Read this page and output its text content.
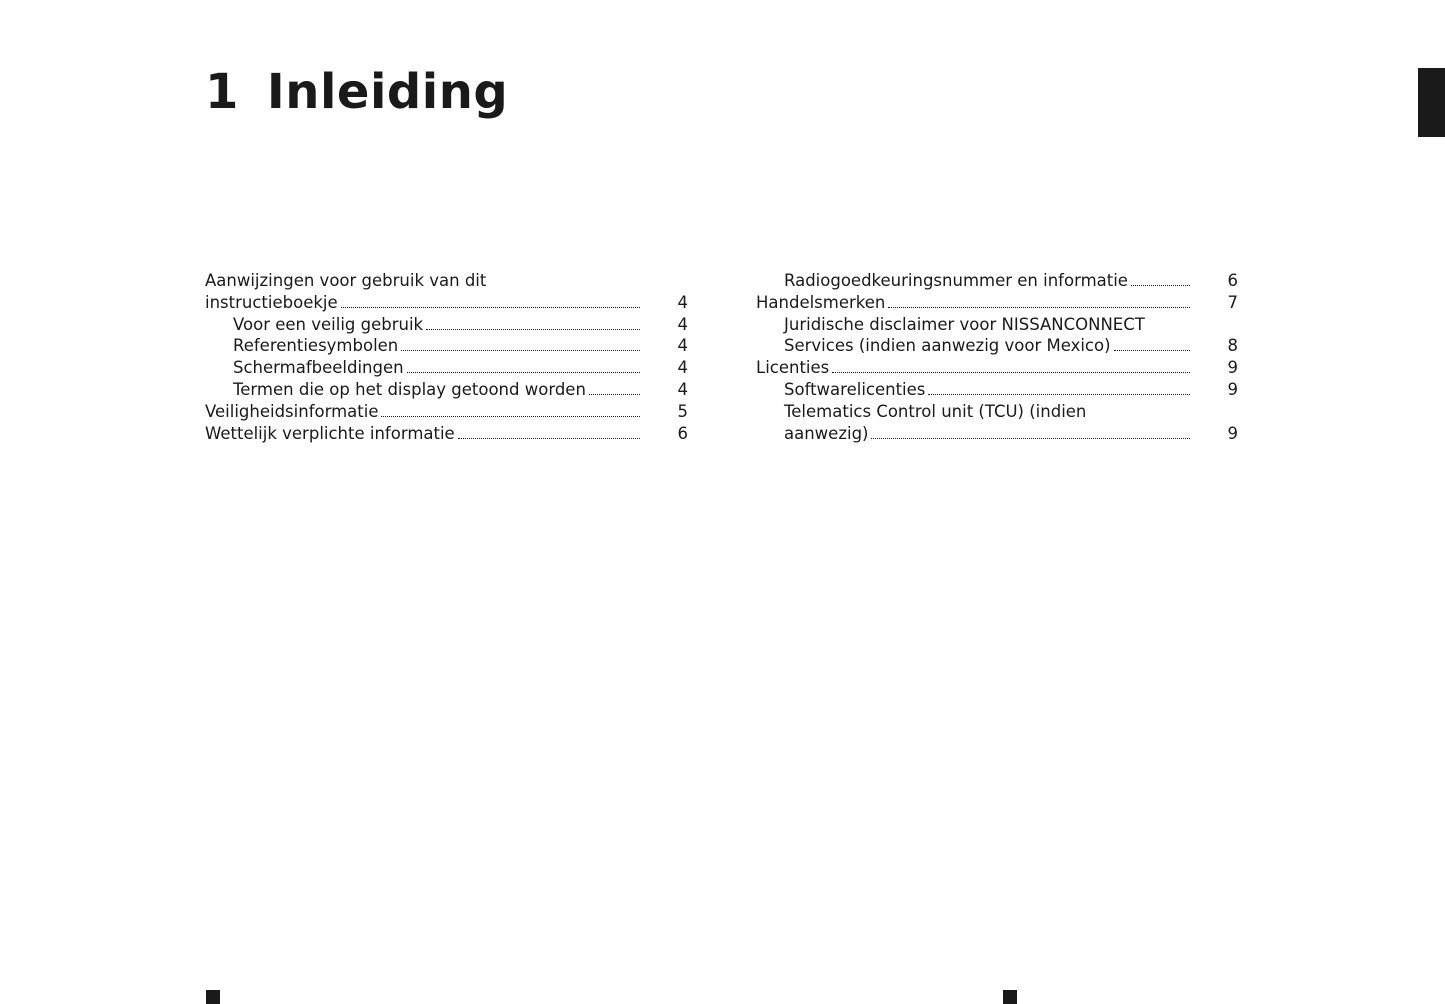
1 Inleiding
Aanwijzingen voor gebruik van dit
instructieboekje	4
Voor een veilig gebruik	4
Referentiesymbolen	4
Schermafbeeldingen	4
Termen die op het display getoond worden	4
Veiligheidsinformatie	5
Wettelijk verplichte informatie	6
Radiogoedkeuringsnummer en informatie	6
Handelsmerken	7
Juridische disclaimer voor NISSANCONNECT
Services (indien aanwezig voor Mexico)	8
Licenties	9
Softwarelicenties	9
Telematics Control unit (TCU) (indien
aanwezig)	9
